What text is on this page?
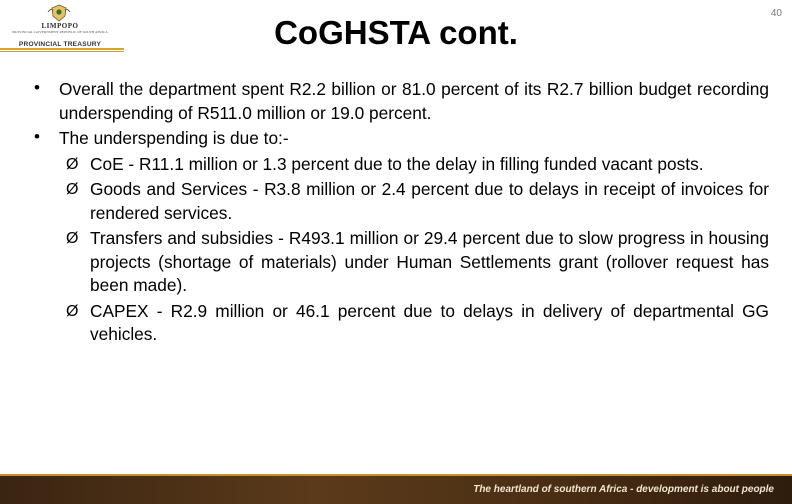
LIMPOPO
PROVINCIAL GOVERNMENT REPUBLIC OF SOUTH AFRICA
PROVINCIAL TREASURY	CoGHSTA cont.
40
• Overall the department spent R2.2 billion or 81.0 percent of its R2.7 billion budget recording underspending of R511.0 million or 19.0 percent.
• The underspending is due to:-
Ø CoE - R11.1 million or 1.3 percent due to the delay in filling funded vacant posts.
Ø Goods and Services - R3.8 million or 2.4 percent due to delays in receipt of invoices for rendered services.
Ø Transfers and subsidies - R493.1 million or 29.4 percent due to slow progress in housing projects (shortage of materials) under Human Settlements grant (rollover request has been made).
Ø CAPEX - R2.9 million or 46.1 percent due to delays in delivery of departmental GG vehicles.
The heartland of southern Africa - development is about people
